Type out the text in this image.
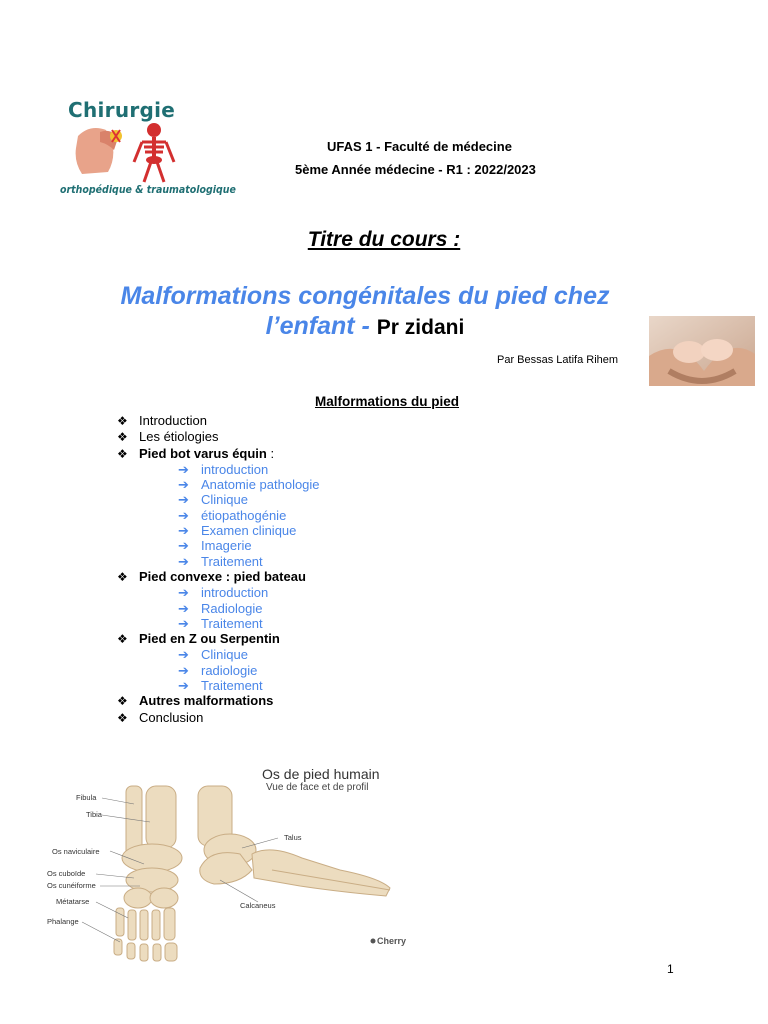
Chirurgie
orthopédique & traumatologique
UFAS 1 - Faculté de médecine
5ème Année médecine - R1 : 2022/2023
Titre du cours :
Malformations congénitales du pied chez
l’enfant - Pr zidani
Par Bessas Latifa Rihem
Malformations du pied
❖ Introduction
❖ Les étiologies
❖ Pied bot varus équin :
➔ introduction
➔ Anatomie pathologie
➔ Clinique
➔ étiopathogénie
➔ Examen clinique
➔ Imagerie
➔ Traitement
❖ Pied convexe : pied bateau
➔ introduction
➔ Radiologie
➔ Traitement
❖ Pied en Z ou Serpentin
➔ Clinique
➔ radiologie
➔ Traitement
❖ Autres malformations
❖ Conclusion
Os de pied humain
Vue de face et de profil
Fibula
Tibia
Os naviculaire
Os cuboïde
Os cunéiforme
Métatarse
Phalange
Talus
Calcaneus
Cherry
1
